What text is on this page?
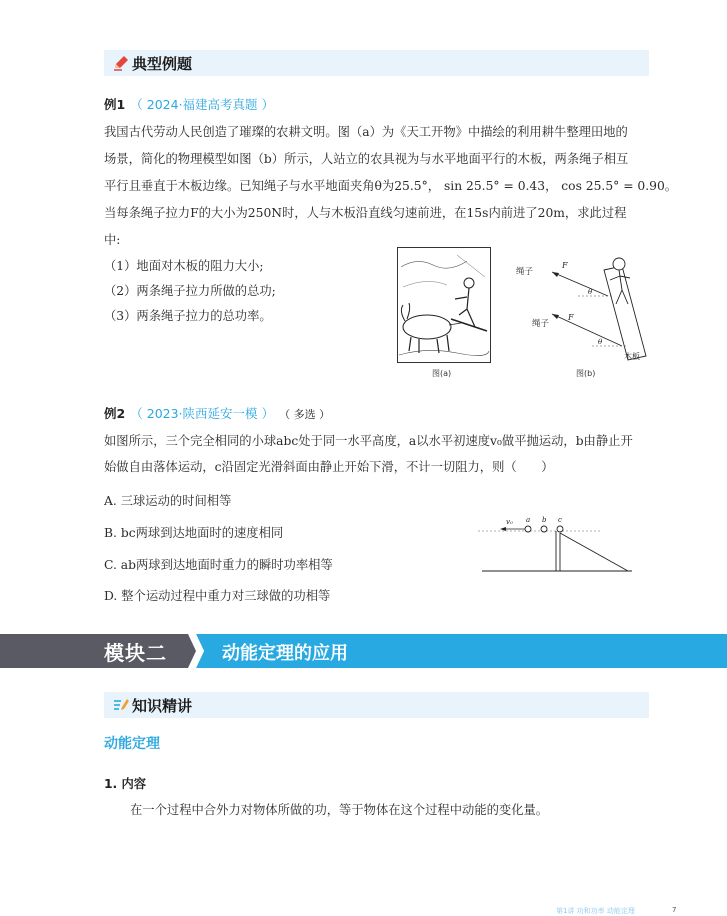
典型例题
例1 （ 2024·福建高考真题 ）
我国古代劳动人民创造了璀璨的农耕文明。图（a）为《天工开物》中描绘的利用耕牛整理田地的
场景，简化的物理模型如图（b）所示，人站立的农具视为与水平地面平行的木板，两条绳子相互
平行且垂直于木板边缘。已知绳子与水平地面夹角θ为25.5°， sin 25.5° = 0.43， cos 25.5° = 0.90。
当每条绳子拉力F的大小为250N时，人与木板沿直线匀速前进，在15s内前进了20m，求此过程
中:
（1）地面对木板的阻力大小;
（2）两条绳子拉力所做的总功;
（3）两条绳子拉力的总功率。
图(a)
绳子
F
θ
绳子
F
θ
木板
图(b)
例2 （ 2023·陕西延安一模 ） （ 多选 ）
如图所示，三个完全相同的小球abc处于同一水平高度，a以水平初速度v₀做平抛运动，b由静止开
始做自由落体运动，c沿固定光滑斜面由静止开始下滑，不计一切阻力，则（　　）
A. 三球运动的时间相等
B. bc两球到达地面时的速度相同
C. ab两球到达地面时重力的瞬时功率相等
D. 整个运动过程中重力对三球做的功相等
v₀ a b c
模块二	动能定理的应用
知识精讲
动能定理
1. 内容
在一个过程中合外力对物体所做的功，等于物体在这个过程中动能的变化量。
第1讲 功和功率 动能定理	7
